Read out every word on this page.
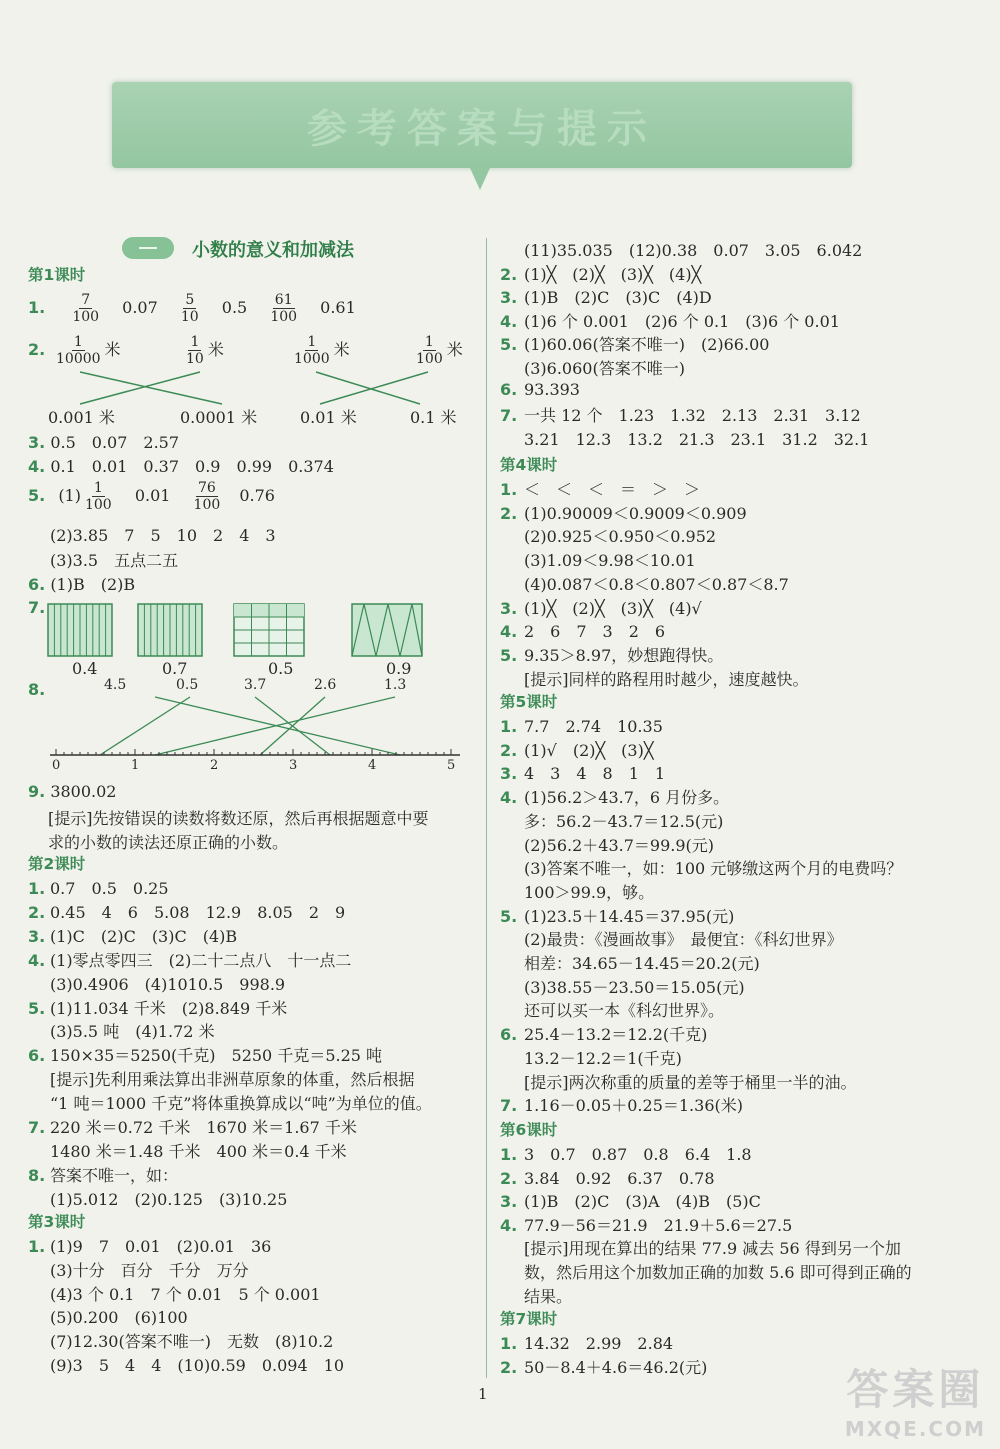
参考答案与提示
小数的意义和加减法
第1课时
1. $\frac{7}{100} 0.07 \frac{5}{10} 0.5 \frac{61}{100} 0.61$
2. $\frac{1}{10000}$ 米	$\frac{1}{10}$ 米	$\frac{1}{1000}$ 米	$\frac{1}{100}$ 米
0.001 米	0.0001 米	0.01 米	0.1 米
3. 0.5　0.07　2.57
4. 0.1　0.01　0.37　0.9　0.99　0.374
5. $(1) \frac{1}{100} 0.01 \frac{76}{100} 0.76$
(2)3.85　7　5　10　2　4　3
(3)3.5　五点二五
6. (1)B　(2)B
7.
0.4	0.7	0.5	0.9
8.	4.5	0.5	3.7	2.6	1.3
0	1	2	3	4	5
9. 3800.02
[提示]先按错误的读数将数还原，然后再根据题意中要
求的小数的读法还原正确的小数。
第2课时
1. 0.7　0.5　0.25
2. 0.45　4　6　5.08　12.9　8.05　2　9
3. (1)C　(2)C　(3)C　(4)B
4. (1)零点零四三　(2)二十二点八　十一点二
(3)0.4906　(4)1010.5　998.9
5. (1)11.034 千米　(2)8.849 千米
(3)5.5 吨　(4)1.72 米
6. 150×35＝5250(千克)　5250 千克＝5.25 吨
[提示]先利用乘法算出非洲草原象的体重，然后根据
“1 吨＝1000 千克”将体重换算成以“吨”为单位的值。
7. 220 米＝0.72 千米　1670 米＝1.67 千米
1480 米＝1.48 千米　400 米＝0.4 千米
8. 答案不唯一，如：
(1)5.012　(2)0.125　(3)10.25
第3课时
1. (1)9　7　0.01　(2)0.01　36
(3)十分　百分　千分　万分
(4)3 个 0.1　7 个 0.01　5 个 0.001
(5)0.200　(6)100
(7)12.30(答案不唯一)　无数　(8)10.2
(9)3　5　4　4　(10)0.59　0.094　10
(11)35.035　(12)0.38　0.07　3.05　6.042
2. (1)╳　(2)╳　(3)╳　(4)╳
3. (1)B　(2)C　(3)C　(4)D
4. (1)6 个 0.001　(2)6 个 0.1　(3)6 个 0.01
5. (1)60.06(答案不唯一)　(2)66.00
(3)6.060(答案不唯一)
6. 93.393
7. 一共 12 个　1.23　1.32　2.13　2.31　3.12
3.21　12.3　13.2　21.3　23.1　31.2　32.1
第4课时
1. ＜　＜　＜　＝　＞　＞
2. (1)0.90009＜0.9009＜0.909
(2)0.925＜0.950＜0.952
(3)1.09＜9.98＜10.01
(4)0.087＜0.8＜0.807＜0.87＜8.7
3. (1)╳　(2)╳　(3)╳　(4)√
4. 2　6　7　3　2　6
5. 9.35＞8.97，妙想跑得快。
[提示]同样的路程用时越少，速度越快。
第5课时
1. 7.7　2.74　10.35
2. (1)√　(2)╳　(3)╳
3. 4　3　4　8　1　1
4. (1)56.2＞43.7，6 月份多。
多：56.2－43.7＝12.5(元)
(2)56.2＋43.7＝99.9(元)
(3)答案不唯一，如：100 元够缴这两个月的电费吗？
100＞99.9，够。
5. (1)23.5＋14.45＝37.95(元)
(2)最贵：《漫画故事》　最便宜：《科幻世界》
相差：34.65－14.45＝20.2(元)
(3)38.55－23.50＝15.05(元)
还可以买一本《科幻世界》。
6. 25.4－13.2＝12.2(千克)
13.2－12.2＝1(千克)
[提示]两次称重的质量的差等于桶里一半的油。
7. 1.16－0.05＋0.25＝1.36(米)
第6课时
1. 3　0.7　0.87　0.8　6.4　1.8
2. 3.84　0.92　6.37　0.78
3. (1)B　(2)C　(3)A　(4)B　(5)C
4. 77.9－56＝21.9　21.9＋5.6＝27.5
[提示]用现在算出的结果 77.9 减去 56 得到另一个加
数，然后用这个加数加正确的加数 5.6 即可得到正确的
结果。
第7课时
1. 14.32　2.99　2.84
2. 50－8.4＋4.6＝46.2(元)
1	答案圈
MXQE.COM
